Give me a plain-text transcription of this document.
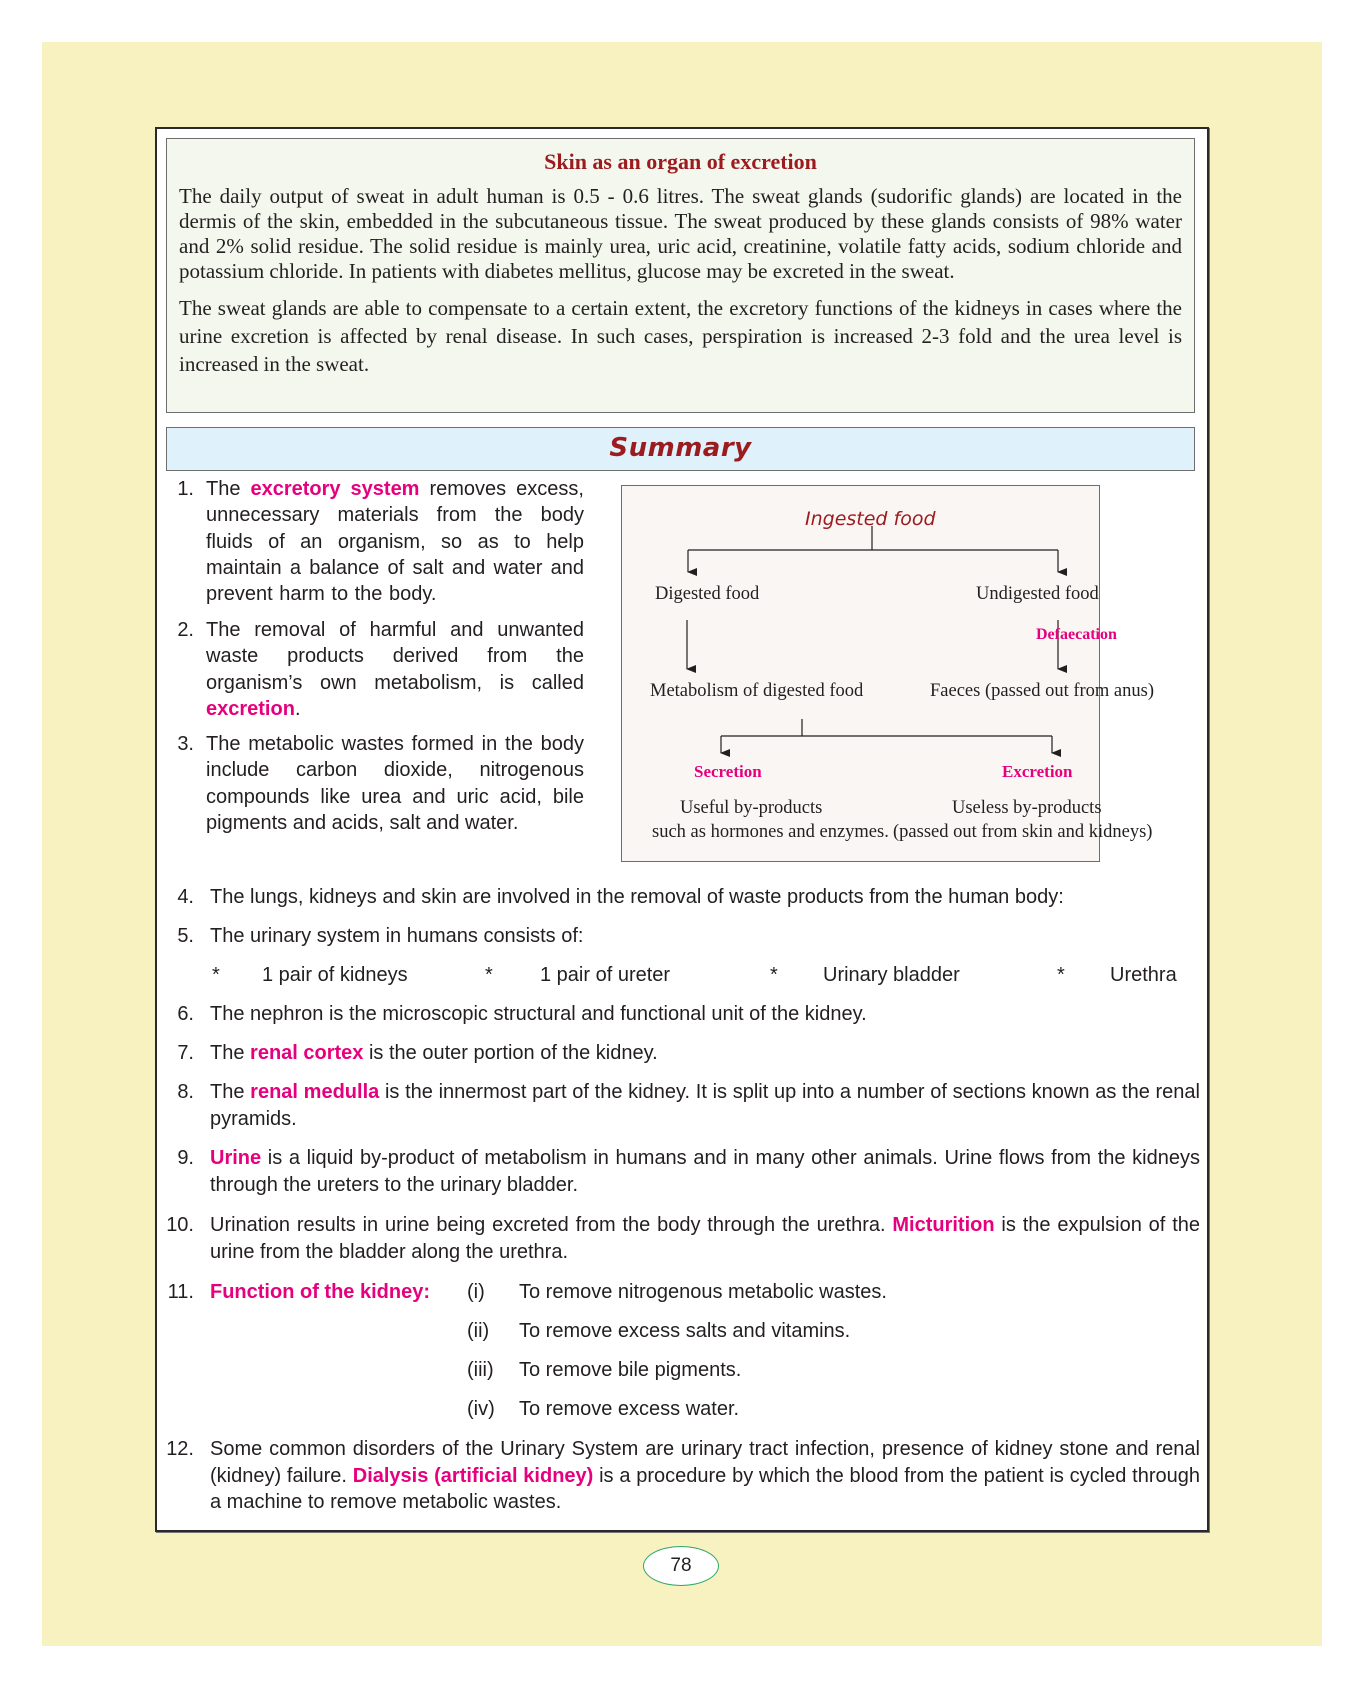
Skin as an organ of excretion

The daily output of sweat in adult human is 0.5 - 0.6 litres. The sweat glands (sudorific glands) are located in the dermis of the skin, embedded in the subcutaneous tissue. The sweat produced by these glands consists of 98% water and 2% solid residue. The solid residue is mainly urea, uric acid, creatinine, volatile fatty acids, sodium chloride and potassium chloride. In patients with diabetes mellitus, glucose may be excreted in the sweat.

The sweat glands are able to compensate to a certain extent, the excretory functions of the kidneys in cases where the urine excretion is affected by renal disease. In such cases, perspiration is increased 2-3 fold and the urea level is increased in the sweat.

Summary
1. The excretory system removes excess, unnecessary materials from the body fluids of an organism, so as to help maintain a balance of salt and water and prevent harm to the body.
2. The removal of harmful and unwanted waste products derived from the organism’s own metabolism, is called excretion.
3. The metabolic wastes formed in the body include carbon dioxide, nitrogenous compounds like urea and uric acid, bile pigments and acids, salt and water.
Ingested food
Digested food	Undigested food
Defaecation
Metabolism of digested food	Faeces (passed out from anus)
Secretion	Excretion
Useful by-products
such as hormones and enzymes.
Useless by-products
(passed out from skin and kidneys)
4. The lungs, kidneys and skin are involved in the removal of waste products from the human body:
5. The urinary system in humans consists of:
* 1 pair of kidneys	* 1 pair of ureter	* Urinary bladder	* Urethra
6. The nephron is the microscopic structural and functional unit of the kidney.
7. The renal cortex is the outer portion of the kidney.
8. The renal medulla is the innermost part of the kidney. It is split up into a number of sections known as the renal pyramids.
9. Urine is a liquid by-product of metabolism in humans and in many other animals. Urine flows from the kidneys through the ureters to the urinary bladder.
10. Urination results in urine being excreted from the body through the urethra. Micturition is the expulsion of the urine from the bladder along the urethra.
11. Function of the kidney:	(i) To remove nitrogenous metabolic wastes.
(ii) To remove excess salts and vitamins.
(iii) To remove bile pigments.
(iv) To remove excess water.
12. Some common disorders of the Urinary System are urinary tract infection, presence of kidney stone and renal (kidney) failure. Dialysis (artificial kidney) is a procedure by which the blood from the patient is cycled through a machine to remove metabolic wastes.
78
